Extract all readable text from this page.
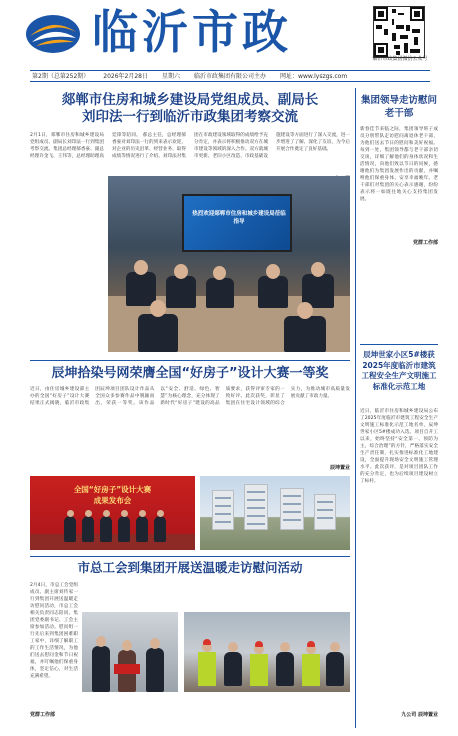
临沂市政	临沂市政集团微信公众号
第2期（总第252期） 2026年2月28日 星期六 临沂市政集团有限公司主办 网址：www.lyszgs.com
郯郸市住房和城乡建设局党组成员、副局长
刘印法一行到临沂市政集团考察交流
2月1日，郯郸市住房和城乡建设局党组成员、副局长刘印法一行到集团考察交流。集团总经理郝香豪、副总经理许金飞、王伟等，总经理助理高廷锋等陪同。 郝总主任，总经理郝香豪对刘印法一行的到来表示欢迎，对企业的历史沿革、经营业务、取得成绩等情况进行了介绍。刘印法对集团在市政建设领域取得的成绩给予充分肯定，并表示将积极推动双方在城市建设等领域的深入合作。双方就城市更新、老旧小区改造、市政基础设施建设等方面进行了深入交流，进一步增进了了解、深化了友谊，为今后开展合作奠定了良好基础。
热烈欢迎郯郸市住房和城乡建设局莅临指导
辰坤拾染号网荣膺全国“好房子”设计大赛一等奖
近日，由住房城乡建设部主办的全国“好房子”设计大赛结果正式揭晓，临沂市政集团辰坤项目团队设计作品从全国众多参赛作品中脱颖而出，荣获一等奖。该作品以“安全、舒适、绿色、智慧”为核心理念，充分体现了新时代“好房子”建设的高品质要求，获得评审专家的一致好评。此次获奖，彰显了集团在住宅设计领域的综合实力，为推动城市高质量发展贡献了市政力量。
辰坤置业
全国“好房子”设计大赛
成果发布会
市总工会到集团开展送温暖走访慰问活动
2月4日，市总工会党组成员、副主席刘传家一行到集团开展送温暖走访慰问活动，市总工会相关负责同志陪同。集团党委副书记、工会主席参加活动。慰问组一行先后来到集团困难职工家中，详细了解职工的工作生活情况，为他们送去慰问金和节日祝福，并叮嘱他们保重身体，坚定信心，对生活充满希望。
党群工作部
集团领导走访慰问老干部
新春佳节来临之际，集团领导班子成员分别带队走访慰问离退休老干部，为他们送去节日的慰问和美好祝福。每到一处，集团领导都与老干部亲切交谈，详细了解他们的身体状况和生活情况，向他们致以节日的问候，感谢他们为集团发展作出的贡献，并嘱咐他们保重身体、安享幸福晚年。老干部们对集团的关心表示感谢，纷纷表示将一如既往地关心支持集团发展。
党群工作部
辰坤世家小区5#楼获2025年度临沂市建筑工程安全生产文明施工标准化示范工地
近日，临沂市住房和城乡建设局公布了2025年度临沂市建筑工程安全生产文明施工标准化示范工地名单，辰坤世家小区5#楼成功入选。项目自开工以来，始终坚持“安全第一、预防为主、综合治理”的方针，严格落实安全生产责任制，扎实推进标准化工地建设，全面提升现场安全文明施工管理水平。此次获评，是对项目团队工作的充分肯定，也为后续项目建设树立了标杆。
九公司 辰坤置业
